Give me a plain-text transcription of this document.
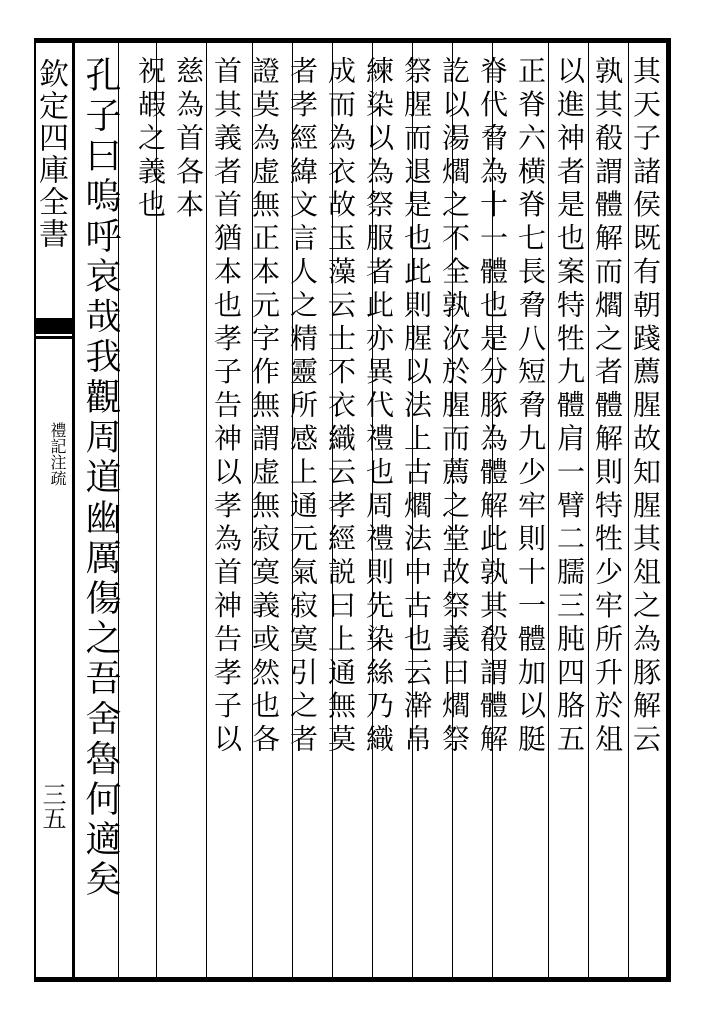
欽定四庫全書
禮記注疏
三五
其天子諸侯既有朝踐薦腥故知腥其俎之為豚解云
孰其殽謂體解而爓之者體解則特牲少牢所升於俎
以進神者是也案特牲九體肩一臂二臑三肫四胳五
正脊六横脊七長脅八短脅九少牢則十一體加以脡
脊代脅為十一體也是分豚為體解此孰其殽謂體解
訖以湯爓之不全孰次於腥而薦之堂故祭義曰爓祭
祭腥而退是也此則腥以法上古爓法中古也云澣帛
練染以為祭服者此亦異代禮也周禮則先染絲乃織
成而為衣故玉藻云士不衣織云孝經説曰上通無莫
者孝經緯文言人之精靈所感上通元氣寂寞引之者
證莫為虚無正本元字作無謂虚無寂寞義或然也各
首其義者首猶本也孝子告神以孝為首神告孝子以
慈為首各本
祝嘏之義也
孔子曰嗚呼哀哉我觀周道幽厲傷之吾舍魯何適矣
